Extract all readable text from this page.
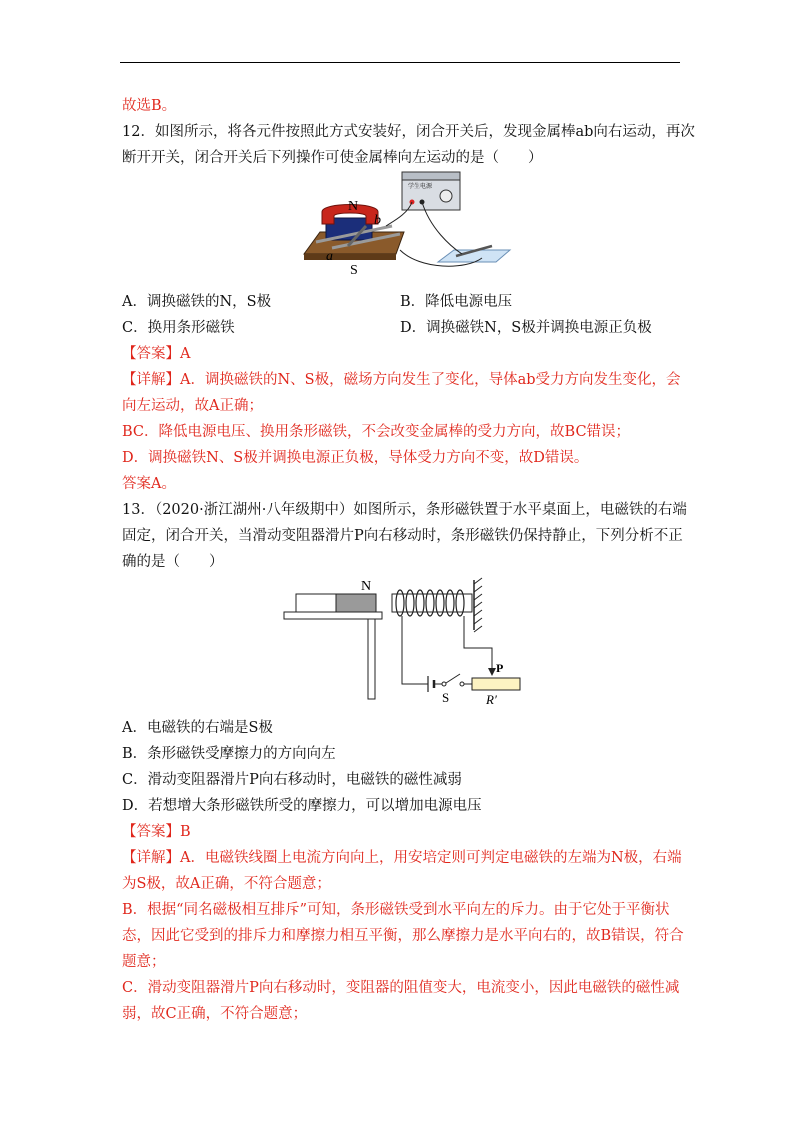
故选B。
12．如图所示，将各元件按照此方式安装好，闭合开关后，发现金属棒ab向右运动，再次
断开开关，闭合开关后下列操作可使金属棒向左运动的是（　　）
学生电源
N
b
a
S
A．调换磁铁的N，S极	B．降低电源电压
C．换用条形磁铁	D．调换磁铁N，S极并调换电源正负极
【答案】A
【详解】A．调换磁铁的N、S极，磁场方向发生了变化，导体ab受力方向发生变化，会
向左运动，故A正确；
BC．降低电源电压、换用条形磁铁，不会改变金属棒的受力方向，故BC错误；
D．调换磁铁N、S极并调换电源正负极，导体受力方向不变，故D错误。
答案A。
13．（2020·浙江湖州·八年级期中）如图所示，条形磁铁置于水平桌面上，电磁铁的右端
固定，闭合开关，当滑动变阻器滑片P向右移动时，条形磁铁仍保持静止，下列分析不正
确的是（　　）
N
P
S	R′
A．电磁铁的右端是S极
B．条形磁铁受摩擦力的方向向左
C．滑动变阻器滑片P向右移动时，电磁铁的磁性减弱
D．若想增大条形磁铁所受的摩擦力，可以增加电源电压
【答案】B
【详解】A．电磁铁线圈上电流方向向上，用安培定则可判定电磁铁的左端为N极，右端
为S极，故A正确，不符合题意；
B．根据“同名磁极相互排斥”可知，条形磁铁受到水平向左的斥力。由于它处于平衡状
态，因此它受到的排斥力和摩擦力相互平衡，那么摩擦力是水平向右的，故B错误，符合
题意；
C．滑动变阻器滑片P向右移动时，变阻器的阻值变大，电流变小，因此电磁铁的磁性减
弱，故C正确，不符合题意；
